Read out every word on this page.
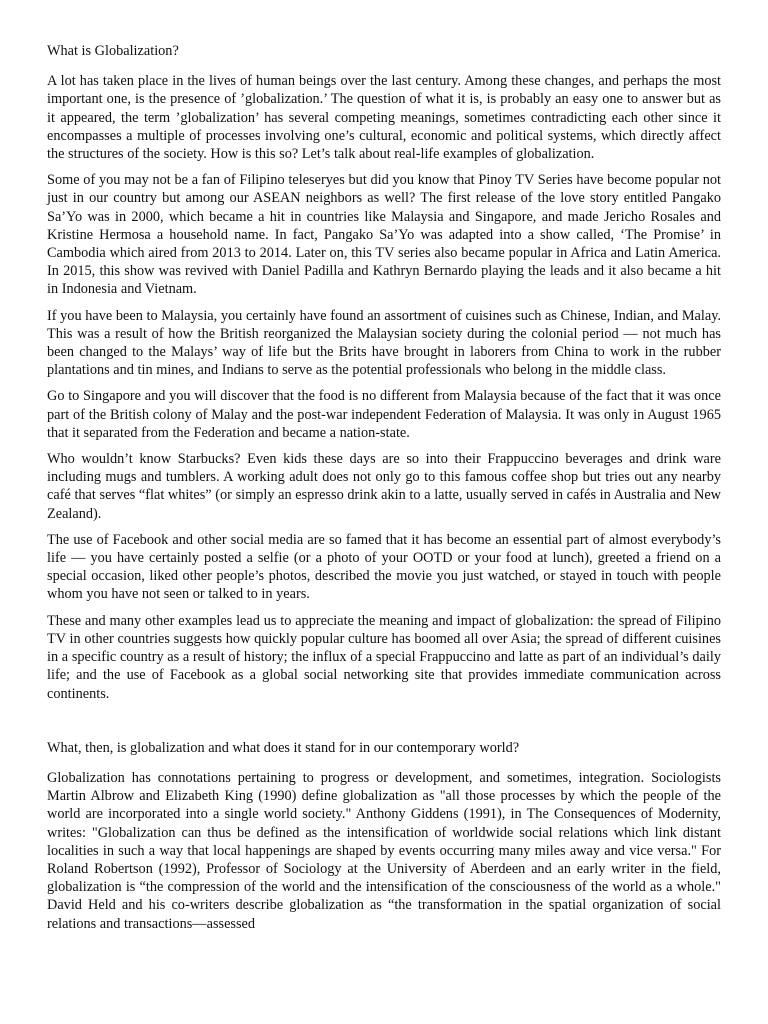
What is Globalization?

A lot has taken place in the lives of human beings over the last century. Among these changes, and perhaps the most important one, is the presence of ’globalization.’ The question of what it is, is probably an easy one to answer but as it appeared, the term ’globalization’ has several competing meanings, sometimes contradicting each other since it encompasses a multiple of processes involving one’s cultural, economic and political systems, which directly affect the structures of the society. How is this so? Let’s talk about real-life examples of globalization.

Some of you may not be a fan of Filipino teleseryes but did you know that Pinoy TV Series have become popular not just in our country but among our ASEAN neighbors as well? The first release of the love story entitled Pangako Sa’Yo was in 2000, which became a hit in countries like Malaysia and Singapore, and made Jericho Rosales and Kristine Hermosa a household name. In fact, Pangako Sa’Yo was adapted into a show called, ‘The Promise’ in Cambodia which aired from 2013 to 2014. Later on, this TV series also became popular in Africa and Latin America. In 2015, this show was revived with Daniel Padilla and Kathryn Bernardo playing the leads and it also became a hit in Indonesia and Vietnam.

If you have been to Malaysia, you certainly have found an assortment of cuisines such as Chinese, Indian, and Malay. This was a result of how the British reorganized the Malaysian society during the colonial period — not much has been changed to the Malays’ way of life but the Brits have brought in laborers from China to work in the rubber plantations and tin mines, and Indians to serve as the potential professionals who belong in the middle class.

Go to Singapore and you will discover that the food is no different from Malaysia because of the fact that it was once part of the British colony of Malay and the post-war independent Federation of Malaysia. It was only in August 1965 that it separated from the Federation and became a nation-state.

Who wouldn’t know Starbucks? Even kids these days are so into their Frappuccino beverages and drink ware including mugs and tumblers. A working adult does not only go to this famous coffee shop but tries out any nearby café that serves “flat whites” (or simply an espresso drink akin to a latte, usually served in cafés in Australia and New Zealand).

The use of Facebook and other social media are so famed that it has become an essential part of almost everybody’s life — you have certainly posted a selfie (or a photo of your OOTD or your food at lunch), greeted a friend on a special occasion, liked other people’s photos, described the movie you just watched, or stayed in touch with people whom you have not seen or talked to in years.

These and many other examples lead us to appreciate the meaning and impact of globalization: the spread of Filipino TV in other countries suggests how quickly popular culture has boomed all over Asia; the spread of different cuisines in a specific country as a result of history; the influx of a special Frappuccino and latte as part of an individual’s daily life; and the use of Facebook as a global social networking site that provides immediate communication across continents.

What, then, is globalization and what does it stand for in our contemporary world?

Globalization has connotations pertaining to progress or development, and sometimes, integration. Sociologists Martin Albrow and Elizabeth King (1990) define globalization as "all those processes by which the people of the world are incorporated into a single world society." Anthony Giddens (1991), in The Consequences of Modernity, writes: "Globalization can thus be defined as the intensification of worldwide social relations which link distant localities in such a way that local happenings are shaped by events occurring many miles away and vice versa." For Roland Robertson (1992), Professor of Sociology at the University of Aberdeen and an early writer in the field, globalization is “the compression of the world and the intensification of the consciousness of the world as a whole." David Held and his co-writers describe globalization as “the transformation in the spatial organization of social relations and transactions—assessed
